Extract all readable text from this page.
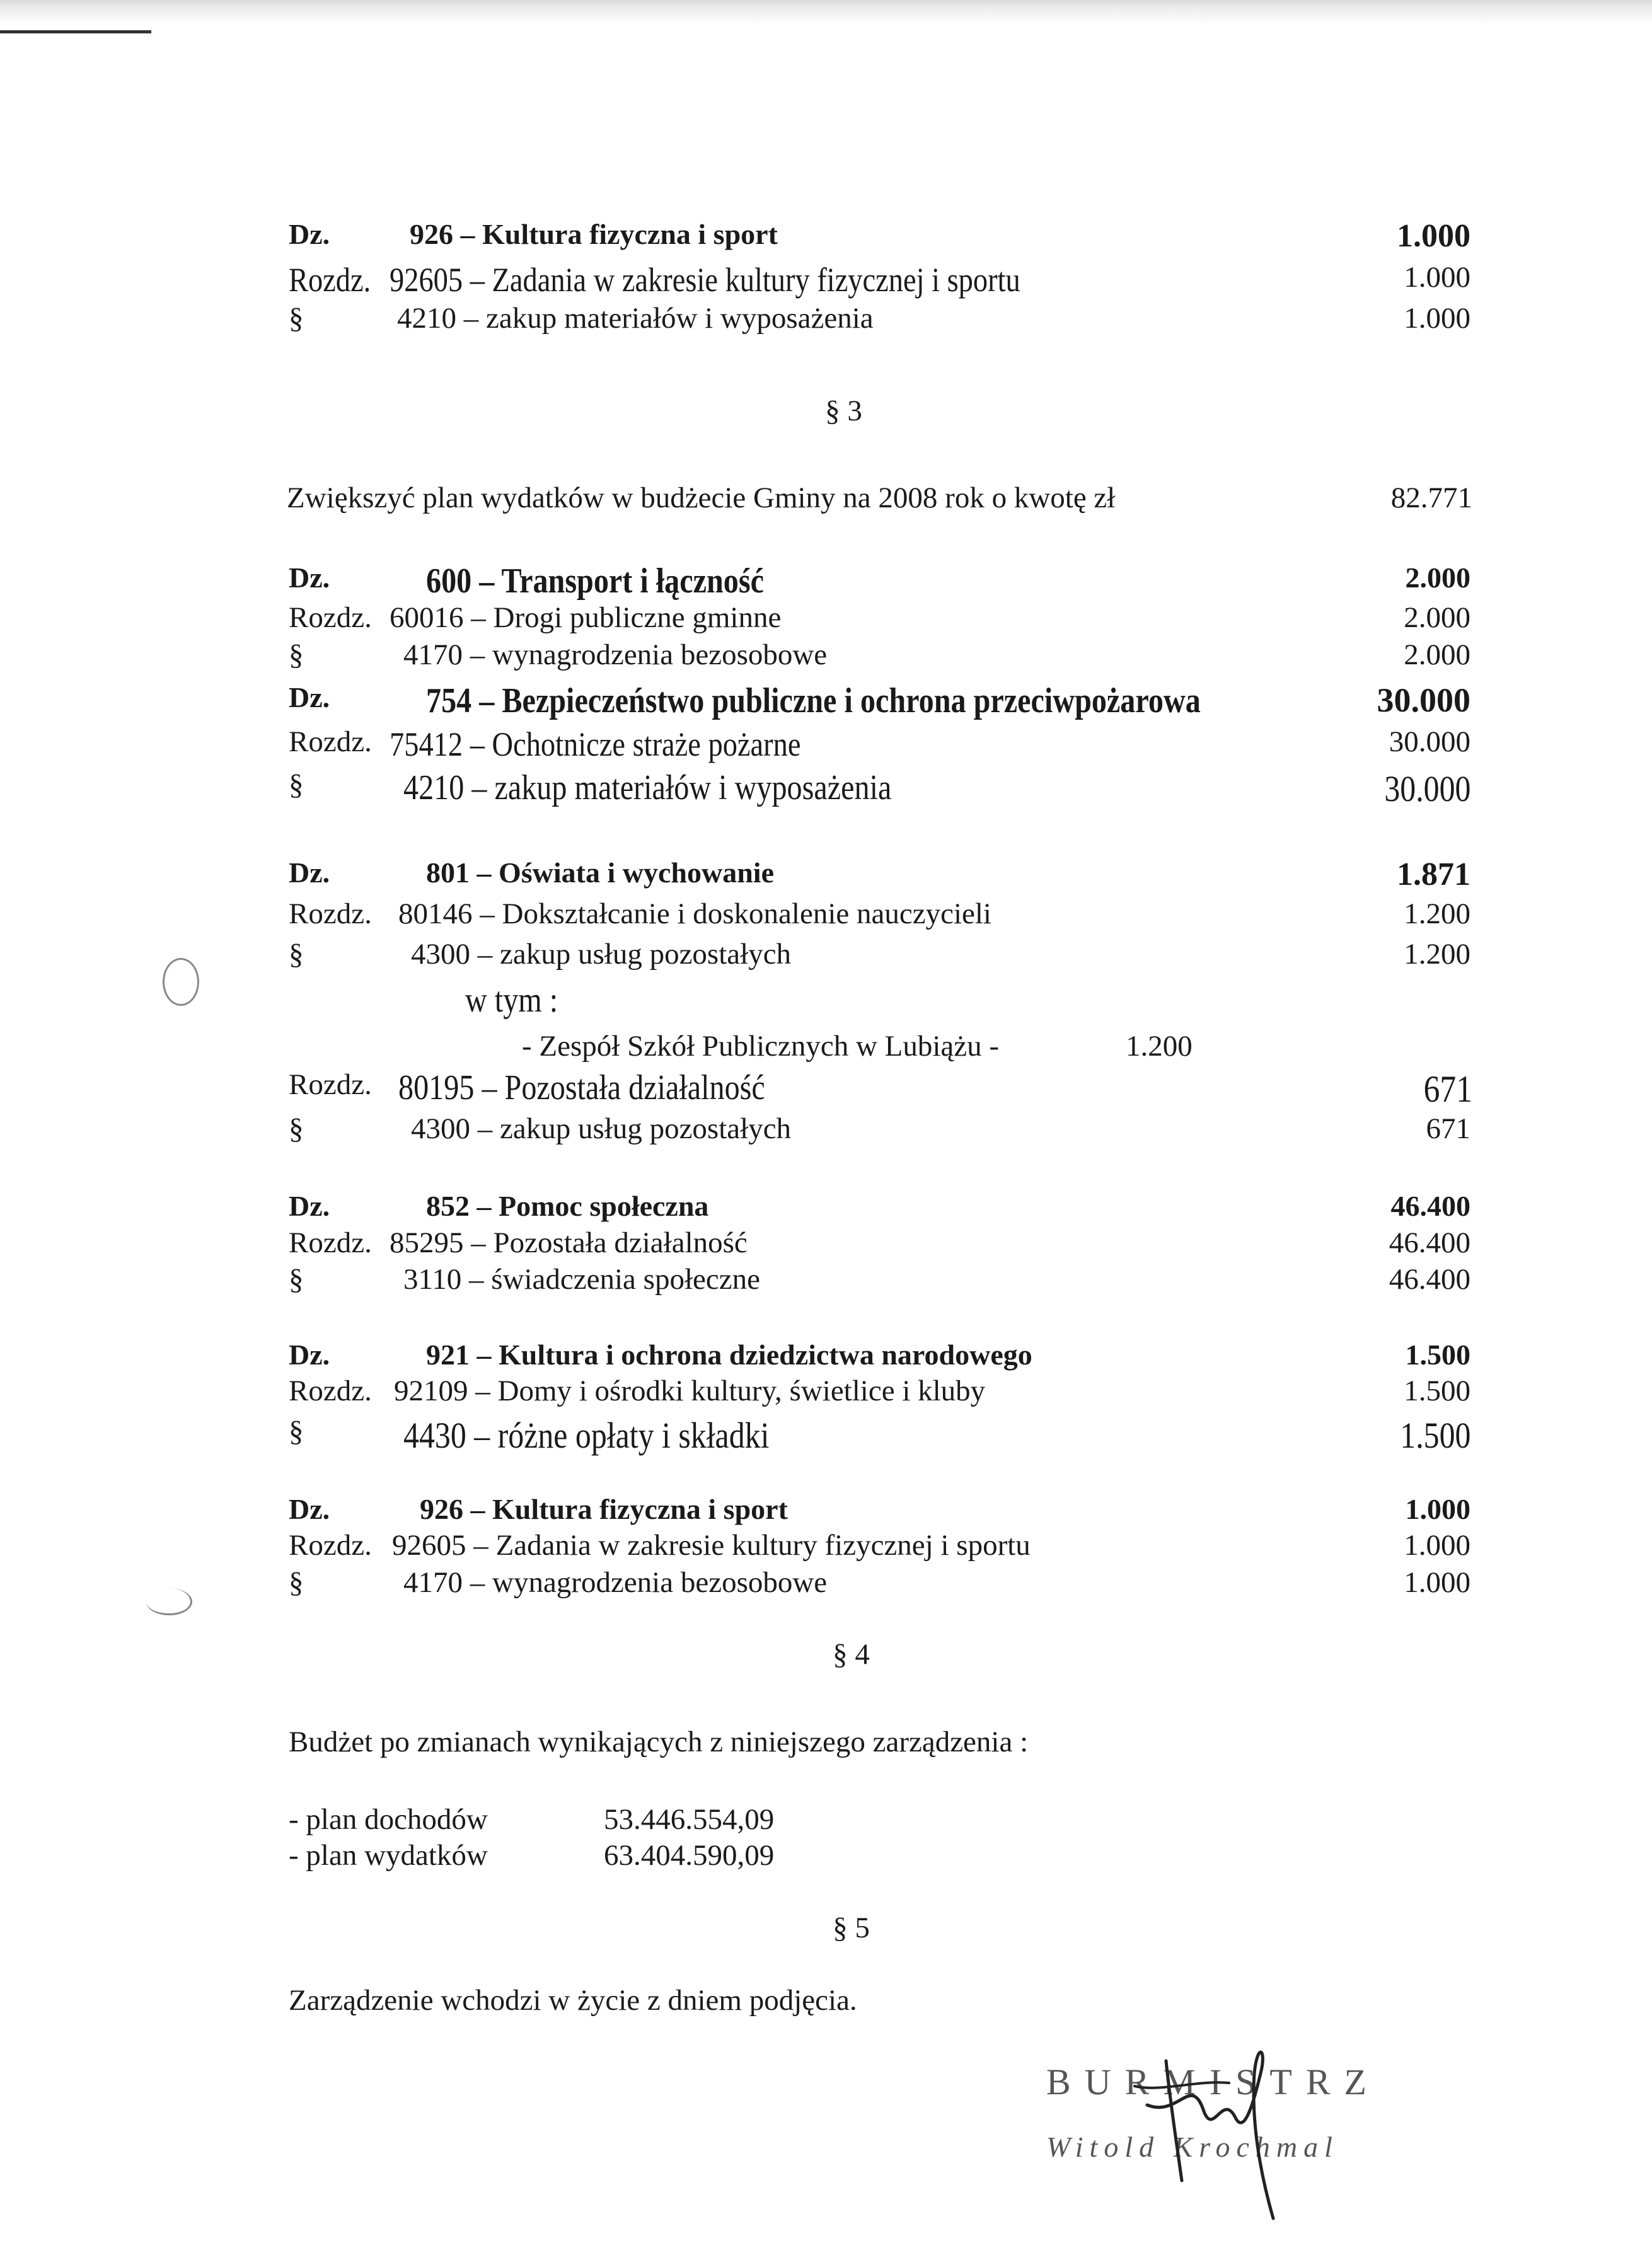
Dz.	926 – Kultura fizyczna i sport	1.000
Rozdz. 92605 – Zadania w zakresie kultury fizycznej i sportu	1.000
§	4210 – zakup materiałów i wyposażenia	1.000
§ 3
Zwiększyć plan wydatków w budżecie Gminy na 2008 rok o kwotę zł	82.771
Dz.	600 – Transport i łączność	2.000
Rozdz. 60016 – Drogi publiczne gminne	2.000
§	4170 – wynagrodzenia bezosobowe	2.000
Dz.	754 – Bezpieczeństwo publiczne i ochrona przeciwpożarowa	30.000
Rozdz. 75412 – Ochotnicze straże pożarne	30.000
§	4210 – zakup materiałów i wyposażenia	30.000
Dz.	801 – Oświata i wychowanie	1.871
Rozdz. 80146 – Dokształcanie i doskonalenie nauczycieli	1.200
§	4300 – zakup usług pozostałych	1.200
w tym :
- Zespół Szkół Publicznych w Lubiążu -	1.200
Rozdz. 80195 – Pozostała działalność	671
§	4300 – zakup usług pozostałych	671
Dz.	852 – Pomoc społeczna	46.400
Rozdz. 85295 – Pozostała działalność	46.400
§	3110 – świadczenia społeczne	46.400
Dz.	921 – Kultura i ochrona dziedzictwa narodowego	1.500
Rozdz. 92109 – Domy i ośrodki kultury, świetlice i kluby	1.500
§	4430 – różne opłaty i składki	1.500
Dz.	926 – Kultura fizyczna i sport	1.000
Rozdz. 92605 – Zadania w zakresie kultury fizycznej i sportu	1.000
§	4170 – wynagrodzenia bezosobowe	1.000
§ 4
Budżet po zmianach wynikających z niniejszego zarządzenia :
- plan dochodów	53.446.554,09
- plan wydatków	63.404.590,09
§ 5
Zarządzenie wchodzi w życie z dniem podjęcia.
BURMISTRZ
Witold Krochmal
